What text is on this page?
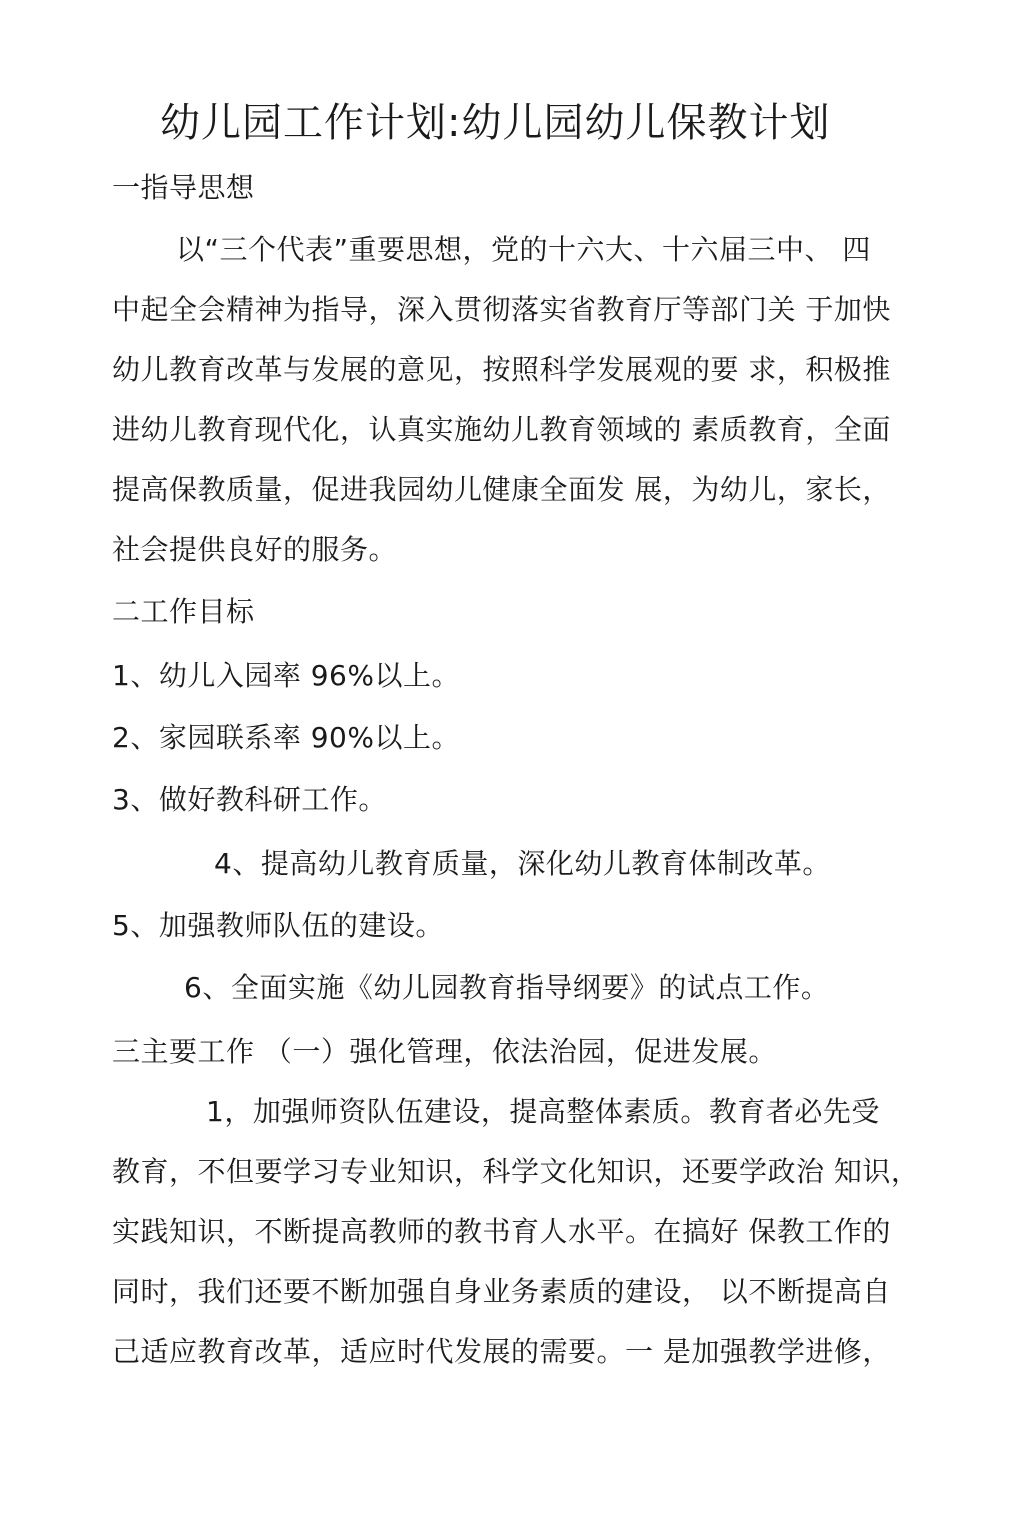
幼儿园工作计划:幼儿园幼儿保教计划
一指导思想
以“三个代表”重要思想，党的十六大、十六届三中、 四
中起全会精神为指导，深入贯彻落实省教育厅等部门关 于加快
幼儿教育改革与发展的意见，按照科学发展观的要 求，积极推
进幼儿教育现代化，认真实施幼儿教育领域的 素质教育，全面
提高保教质量，促进我园幼儿健康全面发 展，为幼儿，家长，
社会提供良好的服务。
二工作目标
1、幼儿入园率 96%以上。
2、家园联系率 90%以上。
3、做好教科研工作。
4、提高幼儿教育质量，深化幼儿教育体制改革。
5、加强教师队伍的建设。
6、全面实施《幼儿园教育指导纲要》的试点工作。
三主要工作 （一）强化管理，依法治园，促进发展。
1，加强师资队伍建设，提高整体素质。教育者必先受
教育，不但要学习专业知识，科学文化知识，还要学政治 知识，
实践知识，不断提高教师的教书育人水平。在搞好 保教工作的
同时，我们还要不断加强自身业务素质的建设， 以不断提高自
己适应教育改革，适应时代发展的需要。一 是加强教学进修，
